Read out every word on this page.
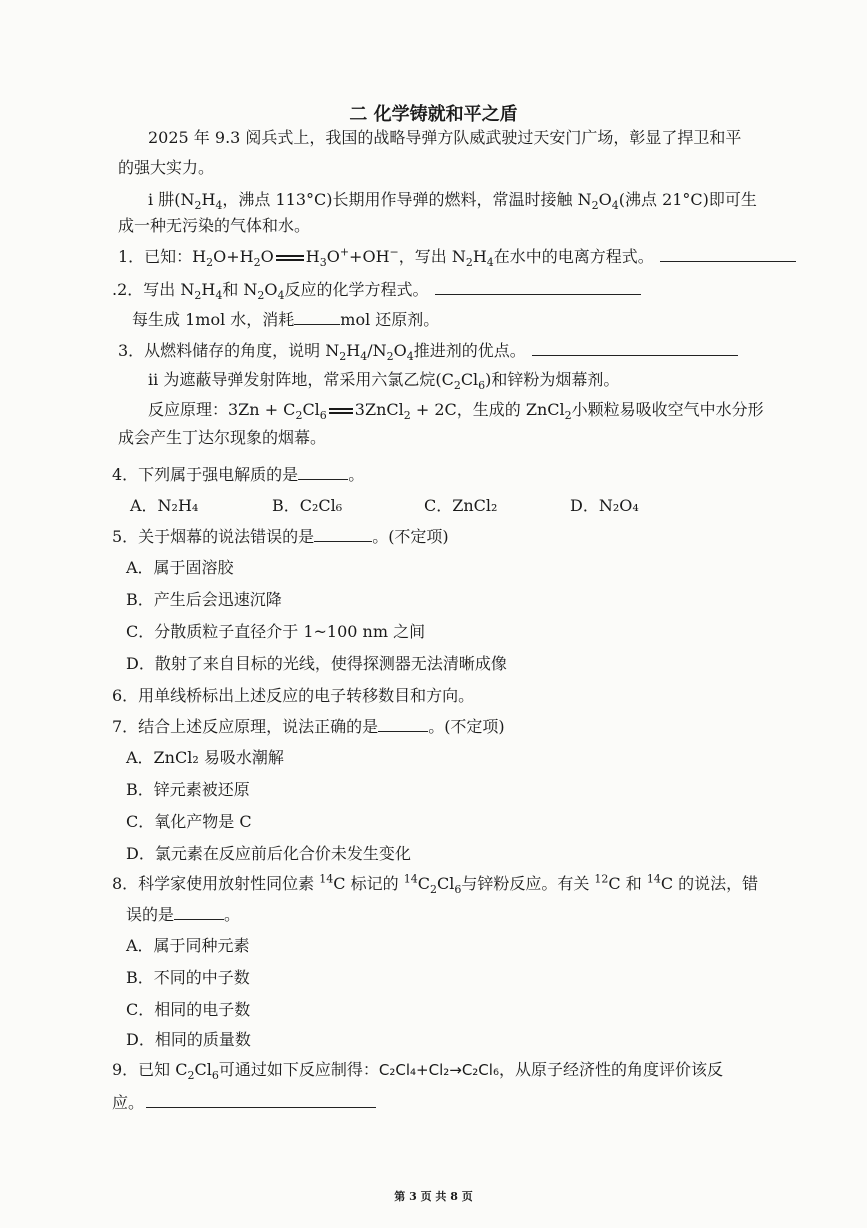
二 化学铸就和平之盾
2025 年 9.3 阅兵式上，我国的战略导弹方队威武驶过天安门广场，彰显了捍卫和平
的强大实力。
ⅰ 肼($N_2H_4$，沸点 113°C)长期用作导弹的燃料，常温时接触 $N_2O_4$(沸点 21°C)即可生
成一种无污染的气体和水。
1．已知：$H_2O+H_2O$ $H_3O^++OH^-$，写出 $N_2H_4$在水中的电离方程式。
.2．写出 $N_2H_4$和 $N_2O_4$反应的化学方程式。
每生成 1mol 水，消耗	mol 还原剂。
3．从燃料储存的角度，说明 $N_2H_4/N_2O_4$推进剂的优点。
ⅱ 为遮蔽导弹发射阵地，常采用六氯乙烷$(C_2Cl_6)$和锌粉为烟幕剂。
反应原理：$3Zn + C_2Cl_6$ 3ZnCl$_2$ + 2C，生成的 ZnCl$_2$小颗粒易吸收空气中水分形
成会产生丁达尔现象的烟幕。
4．下列属于强电解质的是	。
A．N₂H₄	B．C₂Cl₆	C．ZnCl₂	D．N₂O₄
5．关于烟幕的说法错误的是	。(不定项)
A．属于固溶胶
B．产生后会迅速沉降
C．分散质粒子直径介于 1~100 nm 之间
D．散射了来自目标的光线，使得探测器无法清晰成像
6．用单线桥标出上述反应的电子转移数目和方向。
7．结合上述反应原理，说法正确的是	。(不定项)
A．ZnCl₂ 易吸水潮解
B．锌元素被还原
C．氧化产物是 C
D．氯元素在反应前后化合价未发生变化
8．科学家使用放射性同位素 $^{14}$C 标记的 $^{14}C_2Cl_6$与锌粉反应。有关 $^{12}$C 和 $^{14}$C 的说法，错
误的是	。
A．属于同种元素
B．不同的中子数
C．相同的电子数
D．相同的质量数
9．已知 $C_2Cl_6$可通过如下反应制得：C₂Cl₄+Cl₂→C₂Cl₆，从原子经济性的角度评价该反
应。
第 3 页 共 8 页
